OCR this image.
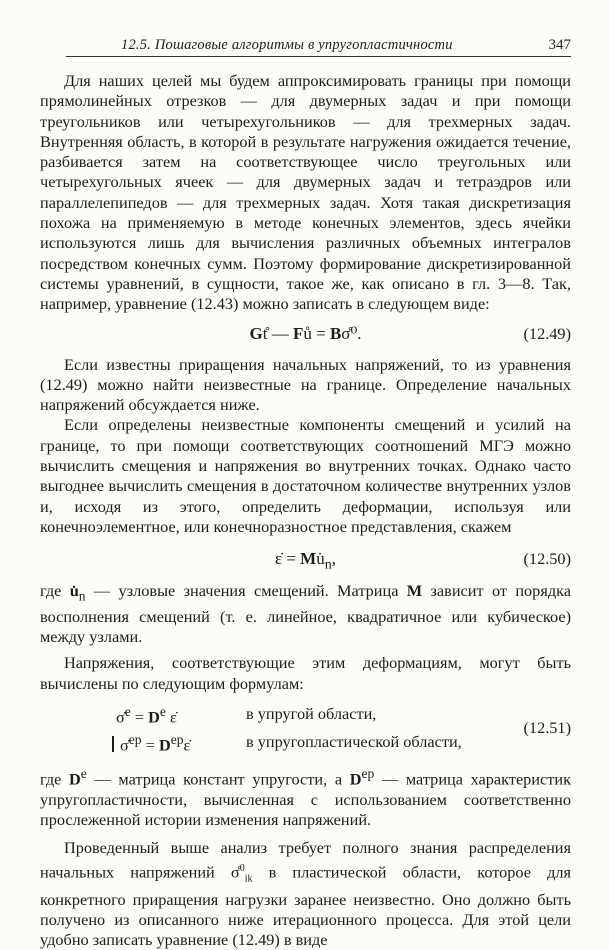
12.5. Пошаговые алгоритмы в упругопластичности	347

Для наших целей мы будем аппроксимировать границы при помощи прямолинейных отрезков — для двумерных задач и при помощи треугольников или четырехугольников — для трехмерных задач. Внутренняя область, в которой в результате нагружения ожидается течение, разбивается затем на соответствующее число треугольных или четырехугольных ячеек — для двумерных задач и тетраэдров или параллелепипедов — для трехмерных задач. Хотя такая дискретизация похожа на применяемую в методе конечных элементов, здесь ячейки используются лишь для вычисления различных объемных интегралов посредством конечных сумм. Поэтому формирование дискретизированной системы уравнений, в сущности, такое же, как описано в гл. 3—8. Так, например, уравнение (12.43) можно записать в следующем виде:

Gt̊ — Fů = Bσ̊⁰.	(12.49)

Если известны приращения начальных напряжений, то из уравнения (12.49) можно найти неизвестные на границе. Определение начальных напряжений обсуждается ниже.

Если определены неизвестные компоненты смещений и усилий на границе, то при помощи соответствующих соотношений МГЭ можно вычислить смещения и напряжения во внутренних точках. Однако часто выгоднее вычислить смещения в достаточном количестве внутренних узлов и, исходя из этого, определить деформации, используя или конечноэлементное, или конечноразностное представления, скажем

ε̇ = $Mu̇_n$,	(12.50)

где $u̇_n$ — узловые значения смещений. Матрица M зависит от порядка восполнения смещений (т. е. линейное, квадратичное или кубическое) между узлами.

Напряжения, соответствующие этим деформациям, могут быть вычислены по следующим формулам:

σ̇$^e$ = $D^e$ ε̇	в упругой области,
σ̇$^{ep}$ = $D^{ep}\varepsiloṅ$	в упругопластической области,
(12.51)

где De — матрица констант упругости, а $D^{ep}$ — матрица характеристик упругопластичности, вычисленная с использованием соответственно прослеженной истории изменения напряжений.

Проведенный выше анализ требует полного знания распределения начальных напряжений σ̊$^0_{ik}$ в пластической области, которое для конкретного приращения нагрузки заранее неизвестно. Оно должно быть получено из описанного ниже итерационного процесса. Для этой цели удобно записать уравнение (12.49) в виде
